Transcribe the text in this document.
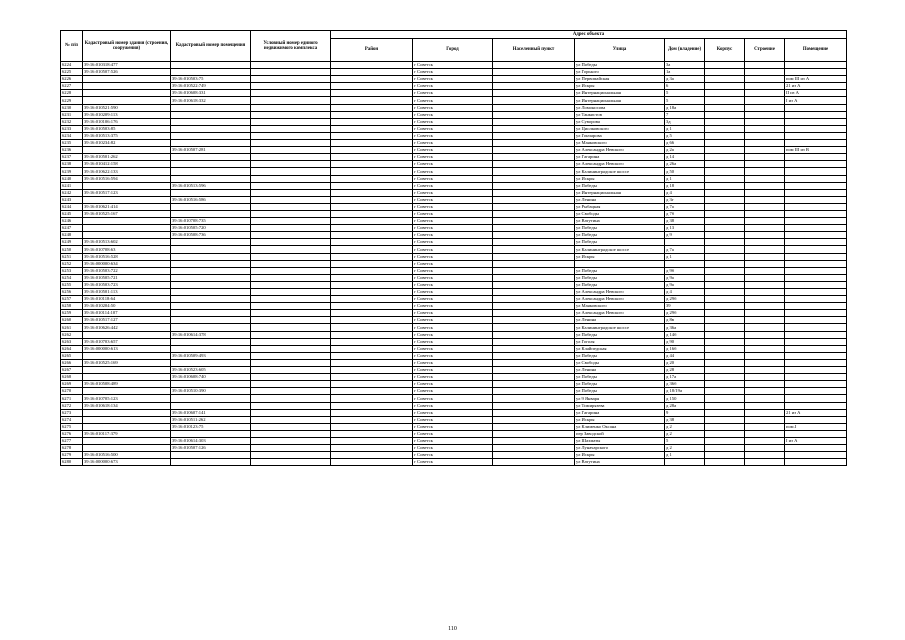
№ п/п	Кадастровый номер здания (строения, сооружения)	Кадастровый номер помещения	Условный номер единого недвижимого комплекса	Адрес объекта							
				Район	Город	Населенный пункт	Улица	Дом (владение)	Корпус	Строение	Помещение
6224	39:16:010318:477				г Советск		ул Победы	3а			
6225	39:16:010507:526				г Советск		ул Горького	1а			
6226		39:16:010503:75			г Советск		ул Первомайская	д 3а			пом III из А
6227		39:16:010522:749			г Советск		ул Искры	6			21 из А
6228		39:16:010608:331			г Советск		ул Интернациональная	5			II из А
6229		39:16:010618:332			г Советск		ул Интернациональная	5			I из А
6230	39:16:010521:590				г Советск		ул Ломоносова	д 18а			
6231	39:16:010209:113				г Советск		ул Танкистов	7			
6232	39:16:010106:176				г Советск		ул Суворова	3д			
6233	39:16:010503:85				г Советск		ул Циолковского	д 1			
6234	39:16:010513:375				г Советск		ул Гончарова	д 5			
6235	39:16:010234:82				г Советск		ул Маяковского	д 66			
6236		39:16:010507:281			г Советск		ул Александра Невского	д 2а			пом III из В
6237	39:16:010501:262				г Советск		ул Гагарина	д 14			
6238	39:16:010412:158				г Советск		ул Александра Невского	д 26а			
6239	39:16:010622:133				г Советск		ул Калининградское шоссе	д 50			
6240	39:16:010516:594				г Советск		ул Искры	д 1			
6241		39:16:010513:596			г Советск		ул Победы	д 18			
6242	39:16:010517:123				г Советск		ул Интернациональная	д 4			
6243		39:16:010516:586			г Советск		ул Ленина	д 3г			
6244	39:16:010621:414				г Советск		ул Рыбацкая	д 7а			
6245	39:16:010525:167				г Советск		ул Свободы	д 7б			
6246		39:16:010708:735			г Советск		ул Ватутина	д 38			
6247		39:16:010505:720			г Советск		ул Победы	д 13			
6248		39:16:010508:736			г Советск		ул Победы	д 9			
6249	39:16:010513:602				г Советск		ул Победы				
6250	39:16:010708:63				г Советск		ул Калининградское шоссе	д 7а			
6251	39:16:010516:528				г Советск		ул Искры	д 1			
6252	39:16:000000:634				г Советск						
6253	39:16:010503:722				г Советск		ул Победы	д 9б			
6254	39:16:010505:721				г Советск		ул Победы	д 9а			
6255	39:16:010503:723				г Советск		ул Победы	д 9а			
6256	39:16:010501:113				г Советск		ул Александра Невского	д 4			
6257	39:16:010118:64				г Советск		ул Александра Невского	д 29б			
6258	39:16:010204:50				г Советск		ул Маяковского	39			
6259	39:16:010114:107				г Советск		ул Александра Невского	д 29б			
6260	39:16:010517:127				г Советск		ул Ленина	д 8в			
6261	39:16:010626:442				г Советск		ул Калининградское шоссе	д 36а			
6262		39:16:010614:378			г Советск		ул Победы	д 14б			
6263	39:16:010703:657				г Советск		ул Гоголя	д 90			
6264	39:16:000000:613				г Советск		ул Клайпедская	д 16б			
6265		39:16:010509:493			г Советск		ул Победы	д 44			
6266	39:16:010525:169				г Советск		ул Свободы	д 20			
6267		39:16:010523:605			г Советск		ул Ленина	д 28			
6268		39:16:010608:740			г Советск		ул Победы	д 17а			
6269	39:16:010508:489				г Советск		ул Победы	д 36б			
6270		39:16:010510:390			г Советск		ул Победы	д 18/19а			
6271	39:16:010705:123				г Советск		ул 9 Января	д 150			
6272	39:16:010618:134				г Советск		ул Тимирязева	д 28а			
6273		39:16:010607:141			г Советск		ул Гагарина	9			21 из А
6274		39:16:010511:262			г Советск		ул Искры	д 38			
6275		39:16:010123:75			г Советск		ул Клименко Оксана	д 2			пом.I
6276	39:16:010117:379				г Советск		пер Заводской	д 2			
6277		39:16:010614:303			г Советск		ул Шахматы	5			I из А
6278		39:16:010507:126			г Советск		ул Луначарского	д 2			
6279	39:16:010516:500				г Советск		ул Искры	д 1			
6280	39:16:000000:673				г Советск		ул Ватутина				
110
